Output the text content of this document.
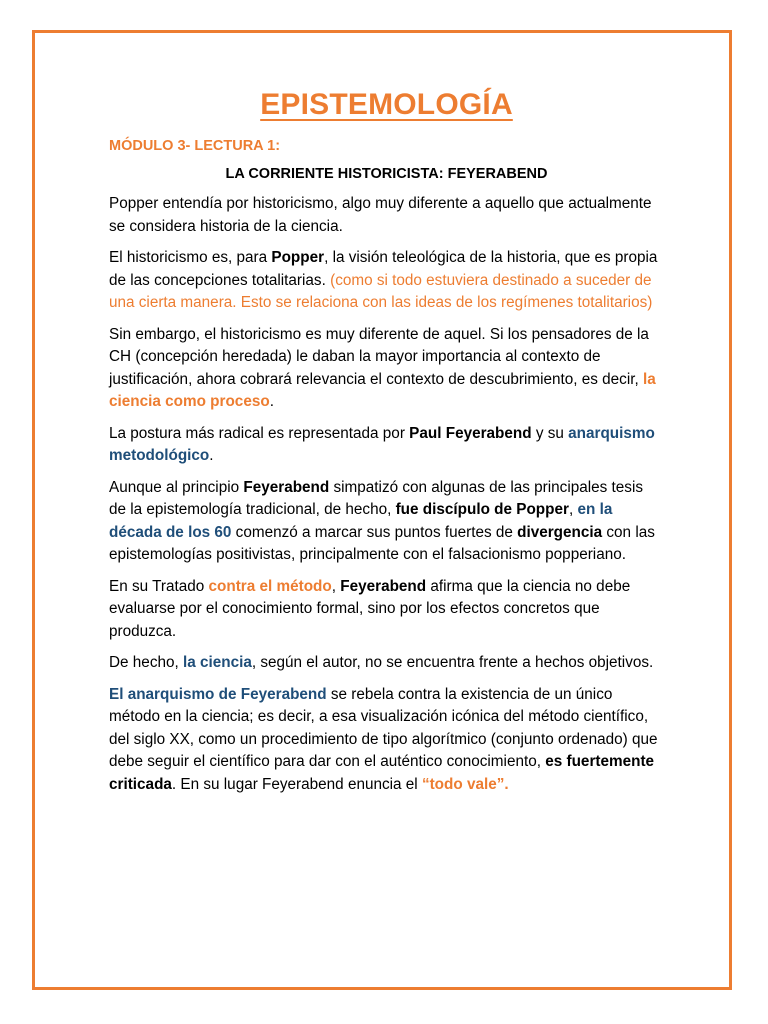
EPISTEMOLOGÍA
MÓDULO 3- LECTURA 1:
LA CORRIENTE HISTORICISTA: FEYERABEND

Popper entendía por historicismo, algo muy diferente a aquello que actualmente se considera historia de la ciencia.

El historicismo es, para Popper, la visión teleológica de la historia, que es propia de las concepciones totalitarias. (como si todo estuviera destinado a suceder de una cierta manera. Esto se relaciona con las ideas de los regímenes totalitarios)

Sin embargo, el historicismo es muy diferente de aquel. Si los pensadores de la CH (concepción heredada) le daban la mayor importancia al contexto de justificación, ahora cobrará relevancia el contexto de descubrimiento, es decir, la ciencia como proceso.

La postura más radical es representada por Paul Feyerabend y su anarquismo metodológico.

Aunque al principio Feyerabend simpatizó con algunas de las principales tesis de la epistemología tradicional, de hecho, fue discípulo de Popper, en la década de los 60 comenzó a marcar sus puntos fuertes de divergencia con las epistemologías positivistas, principalmente con el falsacionismo popperiano.

En su Tratado contra el método, Feyerabend afirma que la ciencia no debe evaluarse por el conocimiento formal, sino por los efectos concretos que produzca.

De hecho, la ciencia, según el autor, no se encuentra frente a hechos objetivos.

El anarquismo de Feyerabend se rebela contra la existencia de un único método en la ciencia; es decir, a esa visualización icónica del método científico, del siglo XX, como un procedimiento de tipo algorítmico (conjunto ordenado) que debe seguir el científico para dar con el auténtico conocimiento, es fuertemente criticada. En su lugar Feyerabend enuncia el “todo vale”.
